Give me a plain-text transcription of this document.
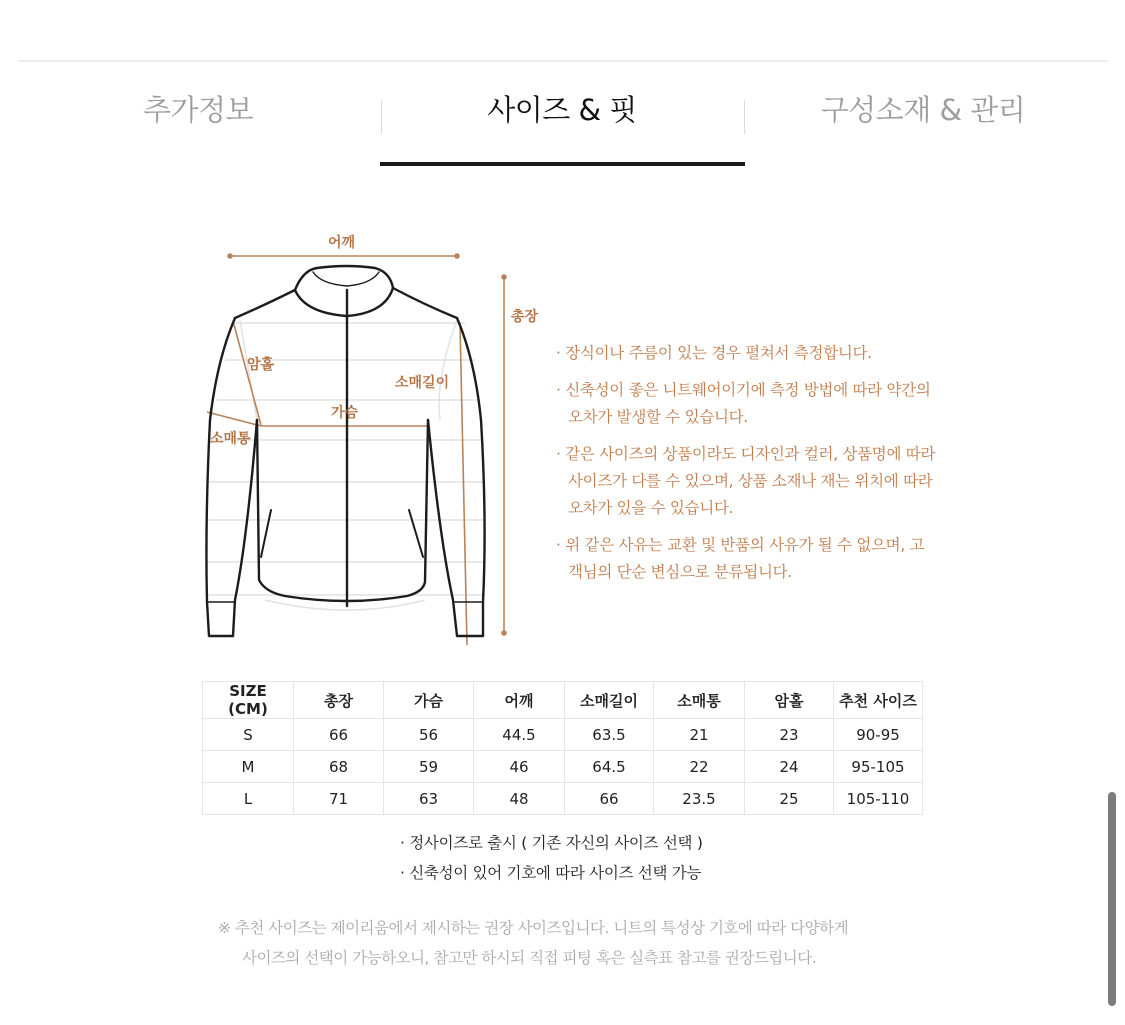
추가정보	사이즈 & 핏	구성소재 & 관리
어깨
총장
암홀
소매길이
가슴
소매통

· 장식이나 주름이 있는 경우 펼쳐서 측정합니다.

· 신축성이 좋은 니트웨어이기에 측정 방법에 따라 약간의 오차가 발생할 수 있습니다.

· 같은 사이즈의 상품이라도 디자인과 컬러, 상품명에 따라 사이즈가 다를 수 있으며, 상품 소재나 재는 위치에 따라 오차가 있을 수 있습니다.

· 위 같은 사유는 교환 및 반품의 사유가 될 수 없으며, 고객님의 단순 변심으로 분류됩니다.

SIZE (CM)	총장	가슴	어깨	소매길이	소매통	암홀	추천 사이즈
S	66	56	44.5	63.5	21	23	90-95
M	68	59	46	64.5	22	24	95-105
L	71	63	48	66	23.5	25	105-110

· 정사이즈로 출시 ( 기존 자신의 사이즈 선택 )

· 신축성이 있어 기호에 따라 사이즈 선택 가능

※ 추천 사이즈는 제이리움에서 제시하는 권장 사이즈입니다. 니트의 특성상 기호에 따라 다양하게
사이즈의 선택이 가능하오니, 참고만 하시되 직접 피팅 혹은 실측표 참고를 권장드립니다.
